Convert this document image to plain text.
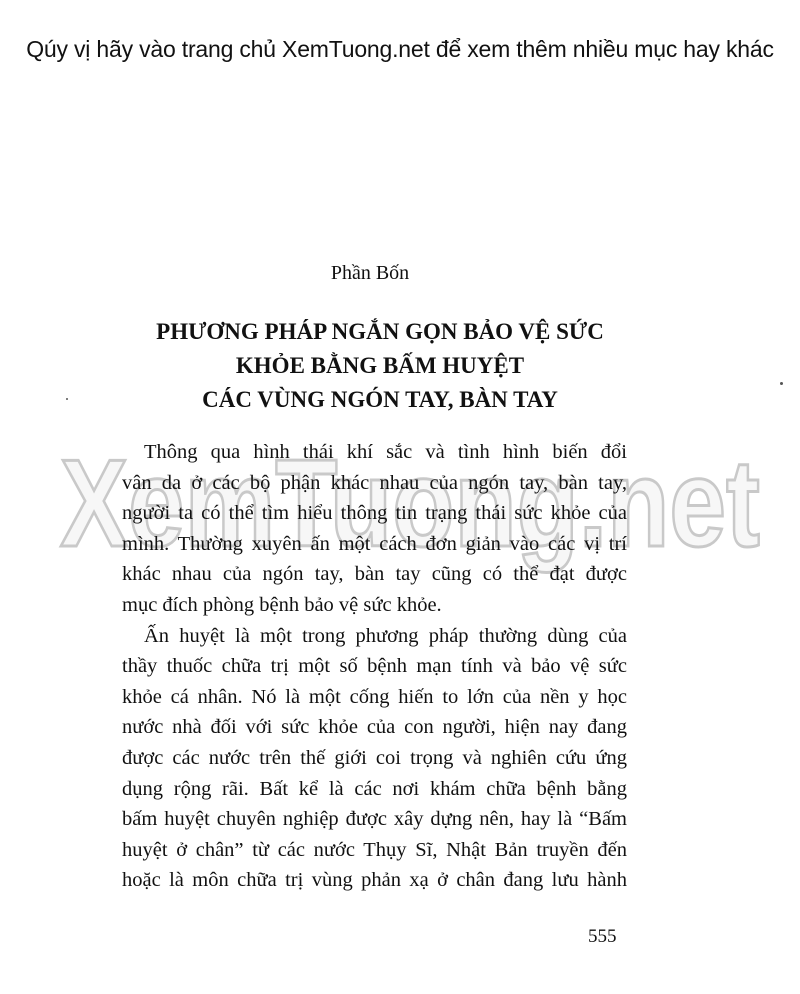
Qúy vị hãy vào trang chủ XemTuong.net để xem thêm nhiều mục hay khác
XemTuong.net
Phần Bốn
PHƯƠNG PHÁP NGẮN GỌN BẢO VỆ SỨC
KHỎE BẰNG BẤM HUYỆT
CÁC VÙNG NGÓN TAY, BÀN TAY
Thông qua hình thái khí sắc và tình hình biến đổi
vân da ở các bộ phận khác nhau của ngón tay, bàn tay,
người ta có thể tìm hiểu thông tin trạng thái sức khỏe của
mình. Thường xuyên ấn một cách đơn giản vào các vị trí
khác nhau của ngón tay, bàn tay cũng có thể đạt được
mục đích phòng bệnh bảo vệ sức khỏe.
Ấn huyệt là một trong phương pháp thường dùng của
thầy thuốc chữa trị một số bệnh mạn tính và bảo vệ sức
khỏe cá nhân. Nó là một cống hiến to lớn của nền y học
nước nhà đối với sức khỏe của con người, hiện nay đang
được các nước trên thế giới coi trọng và nghiên cứu ứng
dụng rộng rãi. Bất kể là các nơi khám chữa bệnh bằng
bấm huyệt chuyên nghiệp được xây dựng nên, hay là “Bấm
huyệt ở chân” từ các nước Thụy Sĩ, Nhật Bản truyền đến
hoặc là môn chữa trị vùng phản xạ ở chân đang lưu hành
555
